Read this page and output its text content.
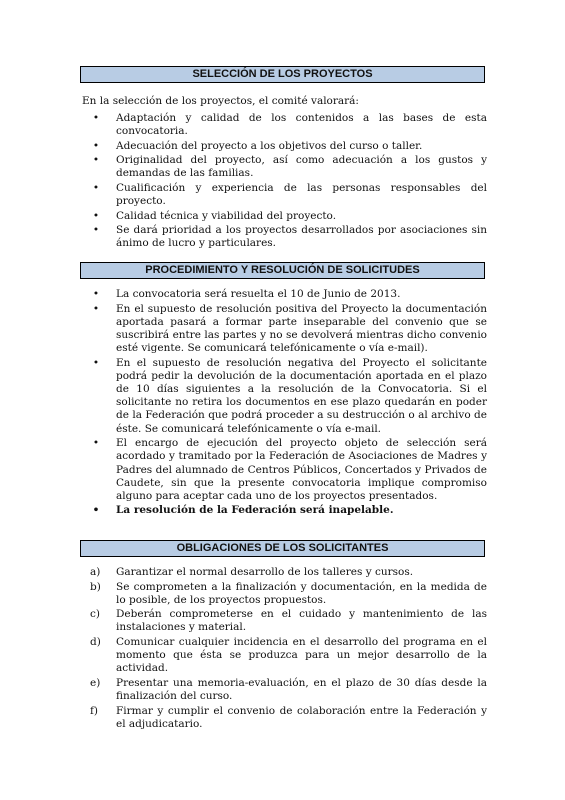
SELECCIÓN DE LOS PROYECTOS
En la selección de los proyectos, el comité valorará:
• Adaptación y calidad de los contenidos a las bases de esta convocatoria.
• Adecuación del proyecto a los objetivos del curso o taller.
• Originalidad del proyecto, así como adecuación a los gustos y demandas de las familias.
• Cualificación y experiencia de las personas responsables del proyecto.
• Calidad técnica y viabilidad del proyecto.
• Se dará prioridad a los proyectos desarrollados por asociaciones sin ánimo de lucro y particulares.
PROCEDIMIENTO Y RESOLUCIÓN DE SOLICITUDES
• La convocatoria será resuelta el 10 de Junio de 2013.
• En el supuesto de resolución positiva del Proyecto la documentación aportada pasará a formar parte inseparable del convenio que se suscribirá entre las partes y no se devolverá mientras dicho convenio esté vigente. Se comunicará telefónicamente o vía e-mail).
• En el supuesto de resolución negativa del Proyecto el solicitante podrá pedir la devolución de la documentación aportada en el plazo de 10 días siguientes a la resolución de la Convocatoria. Si el solicitante no retira los documentos en ese plazo quedarán en poder de la Federación que podrá proceder a su destrucción o al archivo de éste. Se comunicará telefónicamente o vía e-mail.
• El encargo de ejecución del proyecto objeto de selección será acordado y tramitado por la Federación de Asociaciones de Madres y Padres del alumnado de Centros Públicos, Concertados y Privados de Caudete, sin que la presente convocatoria implique compromiso alguno para aceptar cada uno de los proyectos presentados.
• La resolución de la Federación será inapelable.
OBLIGACIONES DE LOS SOLICITANTES
a)	Garantizar el normal desarrollo de los talleres y cursos.
b)	Se comprometen a la finalización y documentación, en la medida de lo posible, de los proyectos propuestos.
c)	Deberán comprometerse en el cuidado y mantenimiento de las instalaciones y material.
d)	Comunicar cualquier incidencia en el desarrollo del programa en el momento que ésta se produzca para un mejor desarrollo de la actividad.
e)	Presentar una memoria-evaluación, en el plazo de 30 días desde la finalización del curso.
f)	Firmar y cumplir el convenio de colaboración entre la Federación y el adjudicatario.
